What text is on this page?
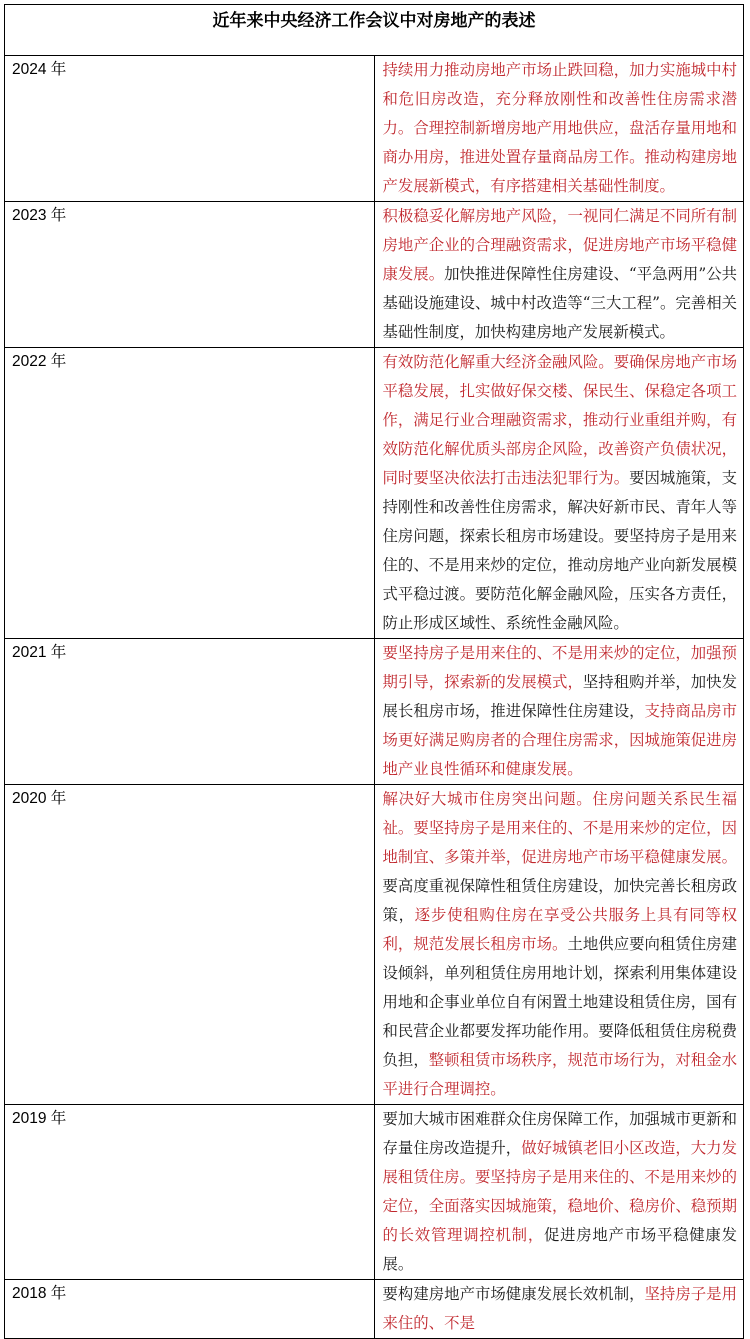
近年来中央经济工作会议中对房地产的表述	
2024 年	持续用力推动房地产市场止跌回稳，加力实施城中村和危旧房改造，充分释放刚性和改善性住房需求潜力。合理控制新增房地产用地供应，盘活存量用地和商办用房，推进处置存量商品房工作。推动构建房地产发展新模式，有序搭建相关基础性制度。
2023 年	积极稳妥化解房地产风险，一视同仁满足不同所有制房地产企业的合理融资需求，促进房地产市场平稳健康发展。加快推进保障性住房建设、“平急两用”公共基础设施建设、城中村改造等“三大工程”。完善相关基础性制度，加快构建房地产发展新模式。
2022 年	有效防范化解重大经济金融风险。要确保房地产市场平稳发展，扎实做好保交楼、保民生、保稳定各项工作，满足行业合理融资需求，推动行业重组并购，有效防范化解优质头部房企风险，改善资产负债状况，同时要坚决依法打击违法犯罪行为。要因城施策，支持刚性和改善性住房需求，解决好新市民、青年人等住房问题，探索长租房市场建设。要坚持房子是用来住的、不是用来炒的定位，推动房地产业向新发展模式平稳过渡。要防范化解金融风险，压实各方责任，防止形成区域性、系统性金融风险。
2021 年	要坚持房子是用来住的、不是用来炒的定位，加强预期引导，探索新的发展模式，坚持租购并举，加快发展长租房市场，推进保障性住房建设，支持商品房市场更好满足购房者的合理住房需求，因城施策促进房地产业良性循环和健康发展。
2020 年	解决好大城市住房突出问题。住房问题关系民生福祉。要坚持房子是用来住的、不是用来炒的定位，因地制宜、多策并举，促进房地产市场平稳健康发展。要高度重视保障性租赁住房建设，加快完善长租房政策，逐步使租购住房在享受公共服务上具有同等权利，规范发展长租房市场。土地供应要向租赁住房建设倾斜，单列租赁住房用地计划，探索利用集体建设用地和企事业单位自有闲置土地建设租赁住房，国有和民营企业都要发挥功能作用。要降低租赁住房税费负担，整顿租赁市场秩序，规范市场行为，对租金水平进行合理调控。
2019 年	要加大城市困难群众住房保障工作，加强城市更新和存量住房改造提升，做好城镇老旧小区改造，大力发展租赁住房。要坚持房子是用来住的、不是用来炒的定位，全面落实因城施策，稳地价、稳房价、稳预期的长效管理调控机制，促进房地产市场平稳健康发展。
2018 年	要构建房地产市场健康发展长效机制，坚持房子是用来住的、不是
